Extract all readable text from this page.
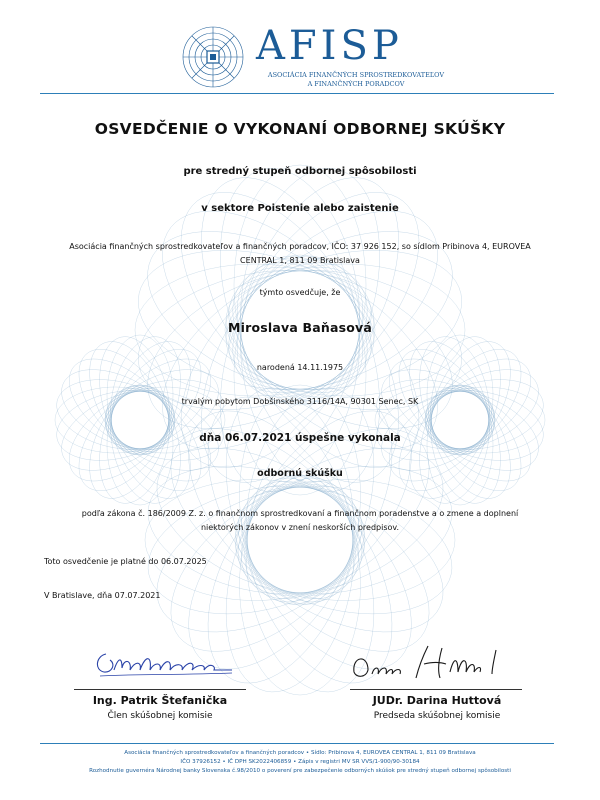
AFISP
ASOCIÁCIA FINANČNÝCH SPROSTREDKOVATEĽOV
A FINANČNÝCH PORADCOV
OSVEDČENIE O VYKONANÍ ODBORNEJ SKÚŠKY
pre stredný stupeň odbornej spôsobilosti
v sektore Poistenie alebo zaistenie
Asociácia finančných sprostredkovateľov a finančných poradcov, IČO: 37 926 152, so sídlom Pribinova 4, EUROVEA
CENTRAL 1, 811 09 Bratislava
týmto osvedčuje, že
Miroslava Baňasová
narodená 14.11.1975
trvalým pobytom Dobšinského 3116/14A, 90301 Senec, SK
dňa 06.07.2021 úspešne vykonala
odbornú skúšku
podľa zákona č. 186/2009 Z. z. o finančnom sprostredkovaní a finančnom poradenstve a o zmene a doplnení
niektorých zákonov v znení neskorších predpisov.
Toto osvedčenie je platné do 06.07.2025
V Bratislave, dňa 07.07.2021
Ing. Patrik Štefanička	JUDr. Darina Huttová
Člen skúšobnej komisie	Predseda skúšobnej komisie
Asociácia finančných sprostredkovateľov a finančných poradcov • Sídlo: Pribinova 4, EUROVEA CENTRAL 1, 811 09 Bratislava
IČO 37926152 • IČ DPH SK2022406859 • Zápis v registri MV SR VVS/1-900/90-30184
Rozhodnutie guvernéra Národnej banky Slovenska č.98/2010 o poverení pre zabezpečenie odborných skúšok pre stredný stupeň odbornej spôsobilosti
